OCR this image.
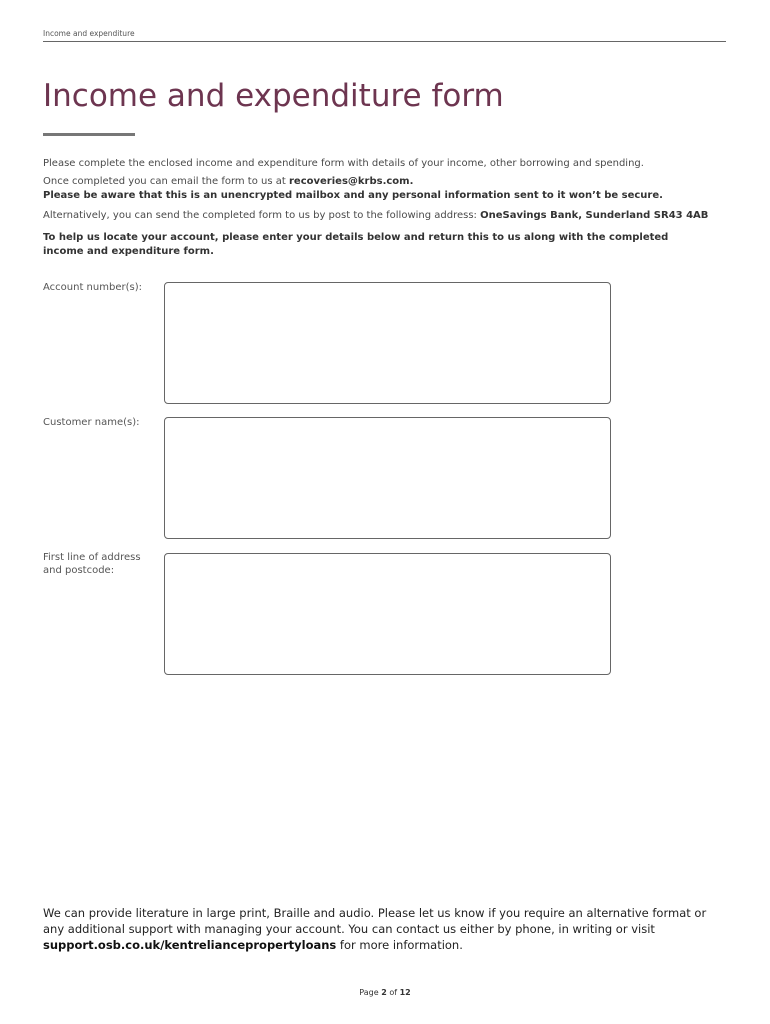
Income and expenditure
Income and expenditure form

Please complete the enclosed income and expenditure form with details of your income, other borrowing and spending.

Once completed you can email the form to us at recoveries@krbs.com.

Please be aware that this is an unencrypted mailbox and any personal information sent to it won’t be secure.

Alternatively, you can send the completed form to us by post to the following address: OneSavings Bank, Sunderland SR43 4AB

To help us locate your account, please enter your details below and return this to us along with the completed

income and expenditure form.

Account number(s):
Customer name(s):
First line of address
and postcode:
We can provide literature in large print, Braille and audio. Please let us know if you require an alternative format or
any additional support with managing your account. You can contact us either by phone, in writing or visit
support.osb.co.uk/kentreliancepropertyloans for more information.
Page 2 of 12
